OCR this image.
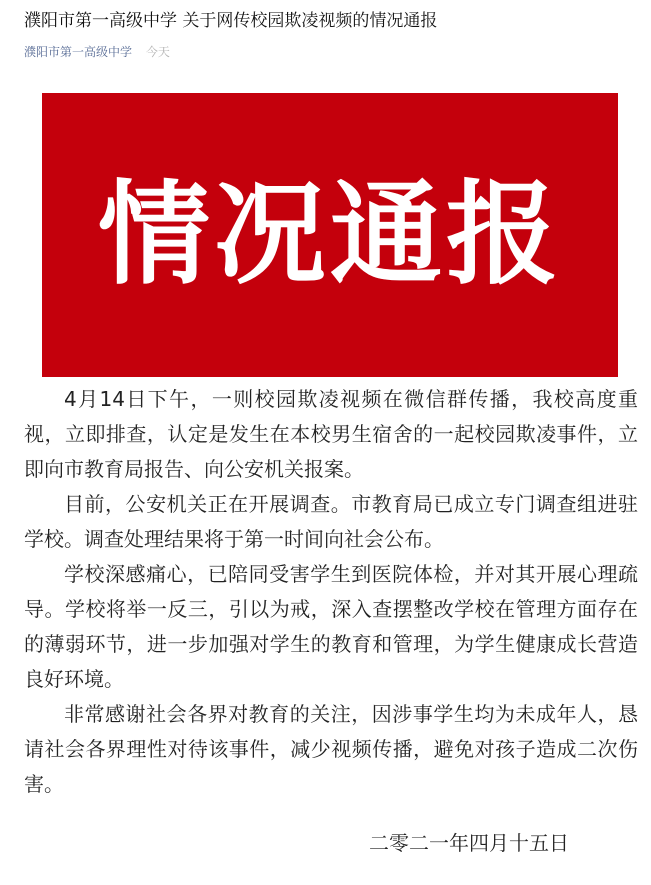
濮阳市第一高级中学 关于网传校园欺凌视频的情况通报
濮阳市第一高级中学 今天
情况通报

4月14日下午，一则校园欺凌视频在微信群传播，我校高度重视，立即排查，认定是发生在本校男生宿舍的一起校园欺凌事件，立即向市教育局报告、向公安机关报案。

目前，公安机关正在开展调查。市教育局已成立专门调查组进驻学校。调查处理结果将于第一时间向社会公布。

学校深感痛心，已陪同受害学生到医院体检，并对其开展心理疏导。学校将举一反三，引以为戒，深入查摆整改学校在管理方面存在的薄弱环节，进一步加强对学生的教育和管理，为学生健康成长营造良好环境。

非常感谢社会各界对教育的关注，因涉事学生均为未成年人，恳请社会各界理性对待该事件，减少视频传播，避免对孩子造成二次伤害。

二零二一年四月十五日
